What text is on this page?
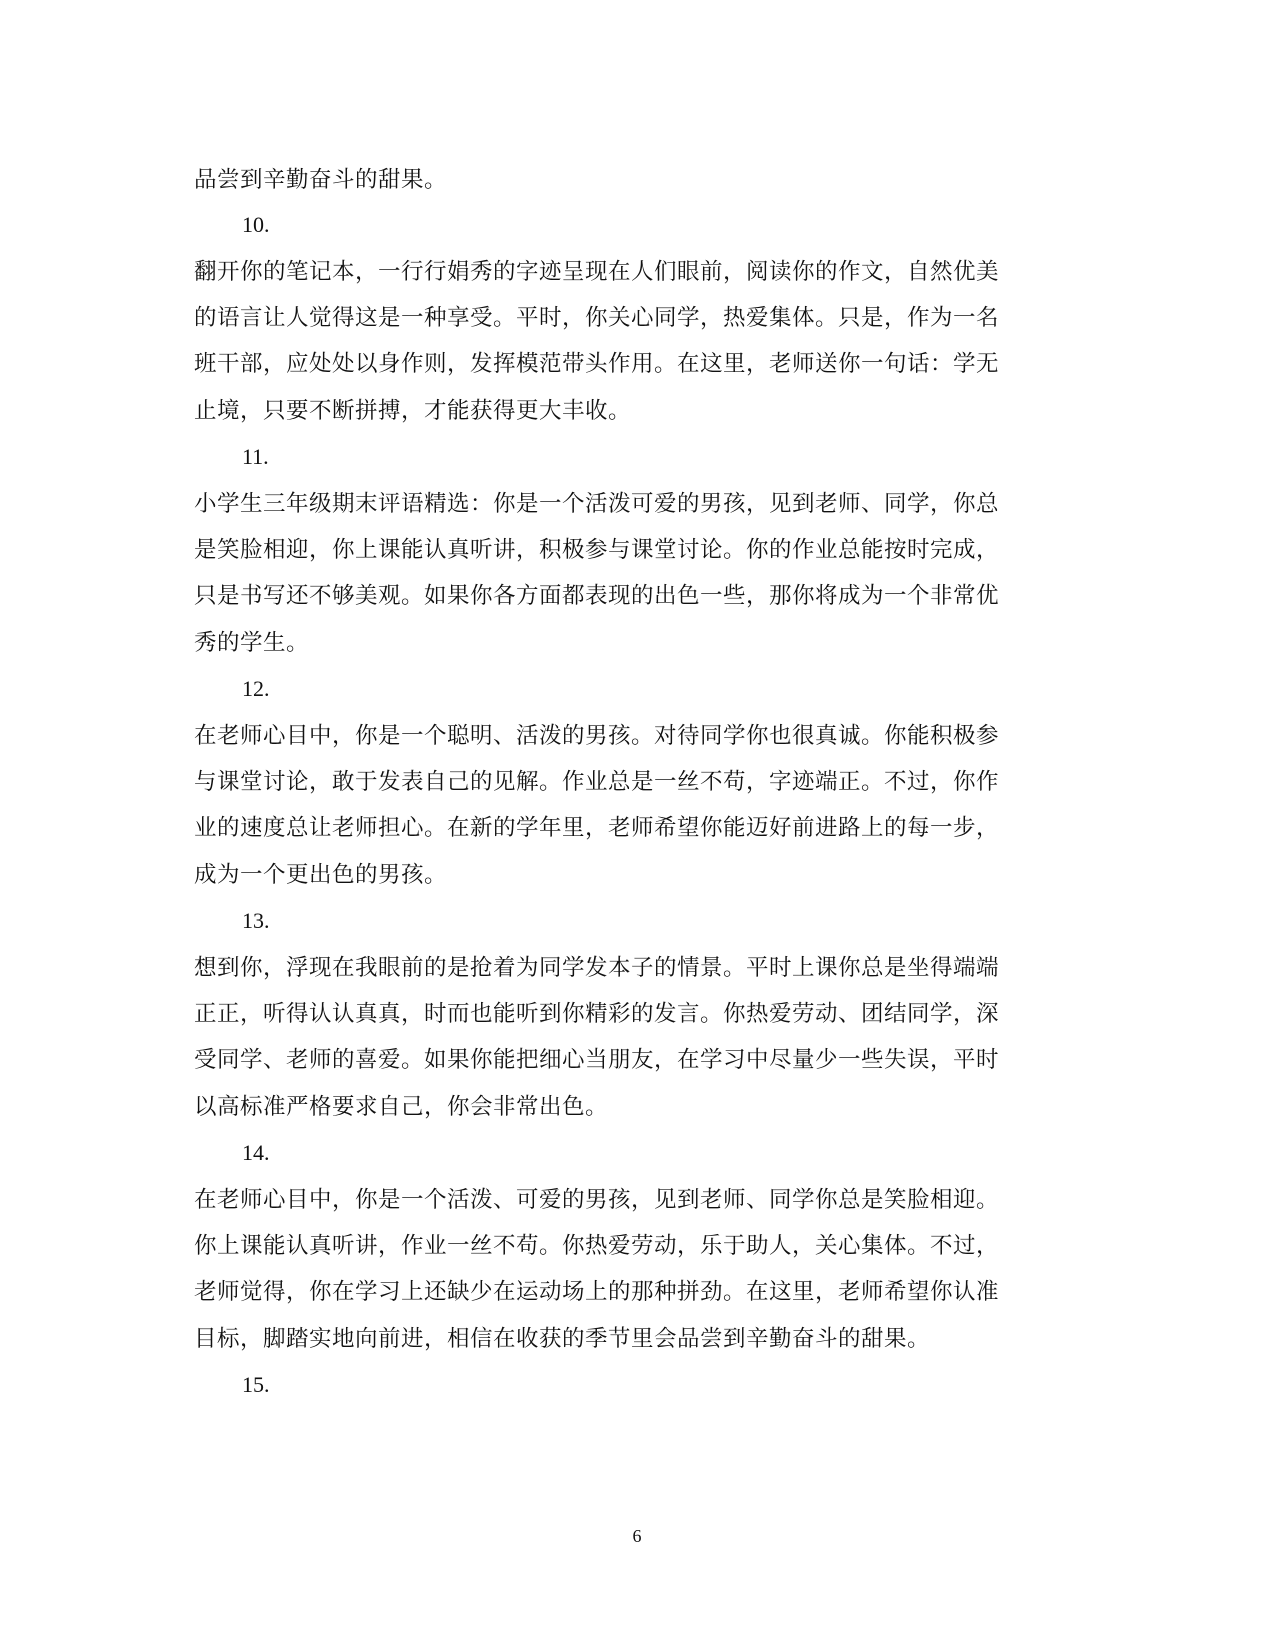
品尝到辛勤奋斗的甜果。
10.
翻开你的笔记本，一行行娟秀的字迹呈现在人们眼前，阅读你的作文，自然优美
的语言让人觉得这是一种享受。平时，你关心同学，热爱集体。只是，作为一名
班干部，应处处以身作则，发挥模范带头作用。在这里，老师送你一句话：学无
止境，只要不断拼搏，才能获得更大丰收。
11.
小学生三年级期末评语精选：你是一个活泼可爱的男孩，见到老师、同学，你总
是笑脸相迎，你上课能认真听讲，积极参与课堂讨论。你的作业总能按时完成，
只是书写还不够美观。如果你各方面都表现的出色一些，那你将成为一个非常优
秀的学生。
12.
在老师心目中，你是一个聪明、活泼的男孩。对待同学你也很真诚。你能积极参
与课堂讨论，敢于发表自己的见解。作业总是一丝不苟，字迹端正。不过，你作
业的速度总让老师担心。在新的学年里，老师希望你能迈好前进路上的每一步，
成为一个更出色的男孩。
13.
想到你，浮现在我眼前的是抢着为同学发本子的情景。平时上课你总是坐得端端
正正，听得认认真真，时而也能听到你精彩的发言。你热爱劳动、团结同学，深
受同学、老师的喜爱。如果你能把细心当朋友，在学习中尽量少一些失误，平时
以高标准严格要求自己，你会非常出色。
14.
在老师心目中，你是一个活泼、可爱的男孩，见到老师、同学你总是笑脸相迎。
你上课能认真听讲，作业一丝不苟。你热爱劳动，乐于助人，关心集体。不过，
老师觉得，你在学习上还缺少在运动场上的那种拼劲。在这里，老师希望你认准
目标，脚踏实地向前进，相信在收获的季节里会品尝到辛勤奋斗的甜果。
15.
6
